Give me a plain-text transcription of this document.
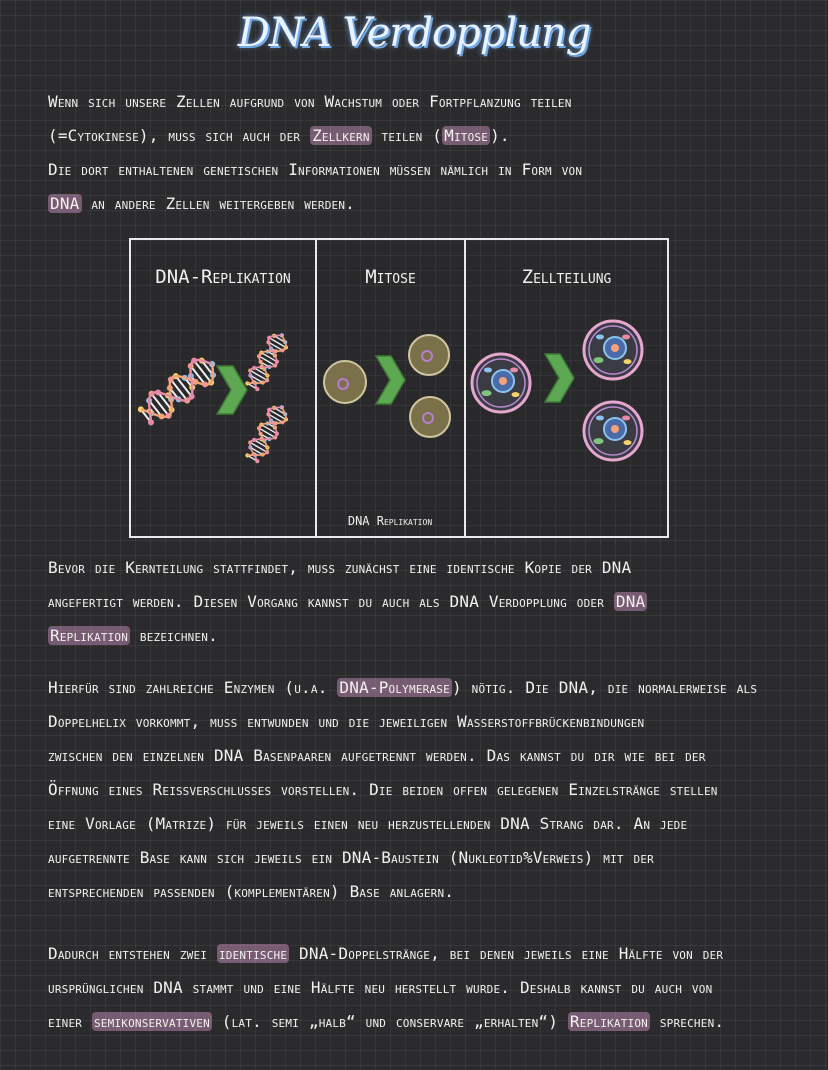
DNA Verdopplung
Wenn sich unsere Zellen aufgrund von Wachstum oder Fortpflanzung teilen
(=Cytokinese), muss sich auch der Zellkern teilen ( Mitose ).
Die dort enthaltenen genetischen Informationen müssen nämlich in Form von
DNA an andere Zellen weitergeben werden.
DNA-Replikation	Mitose	Zellteilung
DNA Replikation
Bevor die Kernteilung stattfindet, muss zunächst eine identische Kopie der DNA
angefertigt werden. Diesen Vorgang kannst du auch als DNA Verdopplung oder DNA
Replikation bezeichnen.
Hierfür sind zahlreiche Enzymen (u.a. DNA-Polymerase ) nötig. Die DNA, die normalerweise als
Doppelhelix vorkommt, muss entwunden und die jeweiligen Wasserstoffbrückenbindungen
zwischen den einzelnen DNA Basenpaaren aufgetrennt werden. Das kannst du dir wie bei der
Öffnung eines Reißverschlusses vorstellen. Die beiden offen gelegenen Einzelstränge stellen
eine Vorlage (Matrize) für jeweils einen neu herzustellenden DNA Strang dar. An jede
aufgetrennte Base kann sich jeweils ein DNA-Baustein (Nukleotid%Verweis) mit der
entsprechenden passenden (komplementären) Base anlagern.
Dadurch entstehen zwei identische DNA-Doppelstränge, bei denen jeweils eine Hälfte von der
ursprünglichen DNA stammt und eine Hälfte neu herstellt wurde. Deshalb kannst du auch von
einer semikonservativen (lat. semi „halb“ und conservare „erhalten“) Replikation sprechen.
